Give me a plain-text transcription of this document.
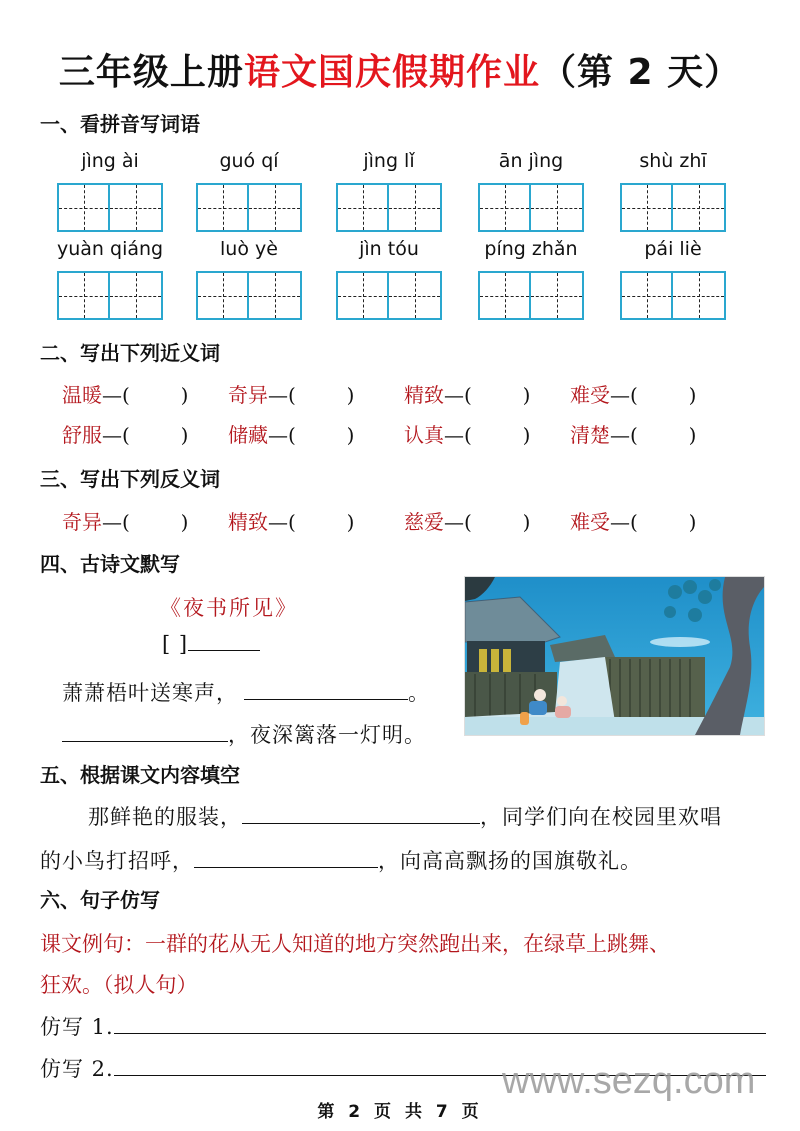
三年级上册语文国庆假期作业（第 2 天）
一、看拼音写词语
jìng ài	guó qí	jìng lǐ	ān jìng	shù zhī
yuàn qiáng	luò yè	jìn tóu	píng zhǎn	pái liè
二、写出下列近义词
温暖—(        ) 奇异—(        ) 精致—(        ) 难受—(        )
舒服—(        ) 储藏—(        ) 认真—(        ) 清楚—(        )
三、写出下列反义词
奇异—(        ) 精致—(        ) 慈爱—(        ) 难受—(        )
四、古诗文默写
《夜书所见》
[ ]
萧萧梧叶送寒声，	。
，夜深篱落一灯明。
五、根据课文内容填空
那鲜艳的服装，	，同学们向在校园里欢唱
的小鸟打招呼，	，向高高飘扬的国旗敬礼。
六、句子仿写
课文例句：一群的花从无人知道的地方突然跑出来，在绿草上跳舞、
狂欢。（拟人句）
仿写 1.
仿写 2.	www.sezq.com
第 2 页 共 7 页
